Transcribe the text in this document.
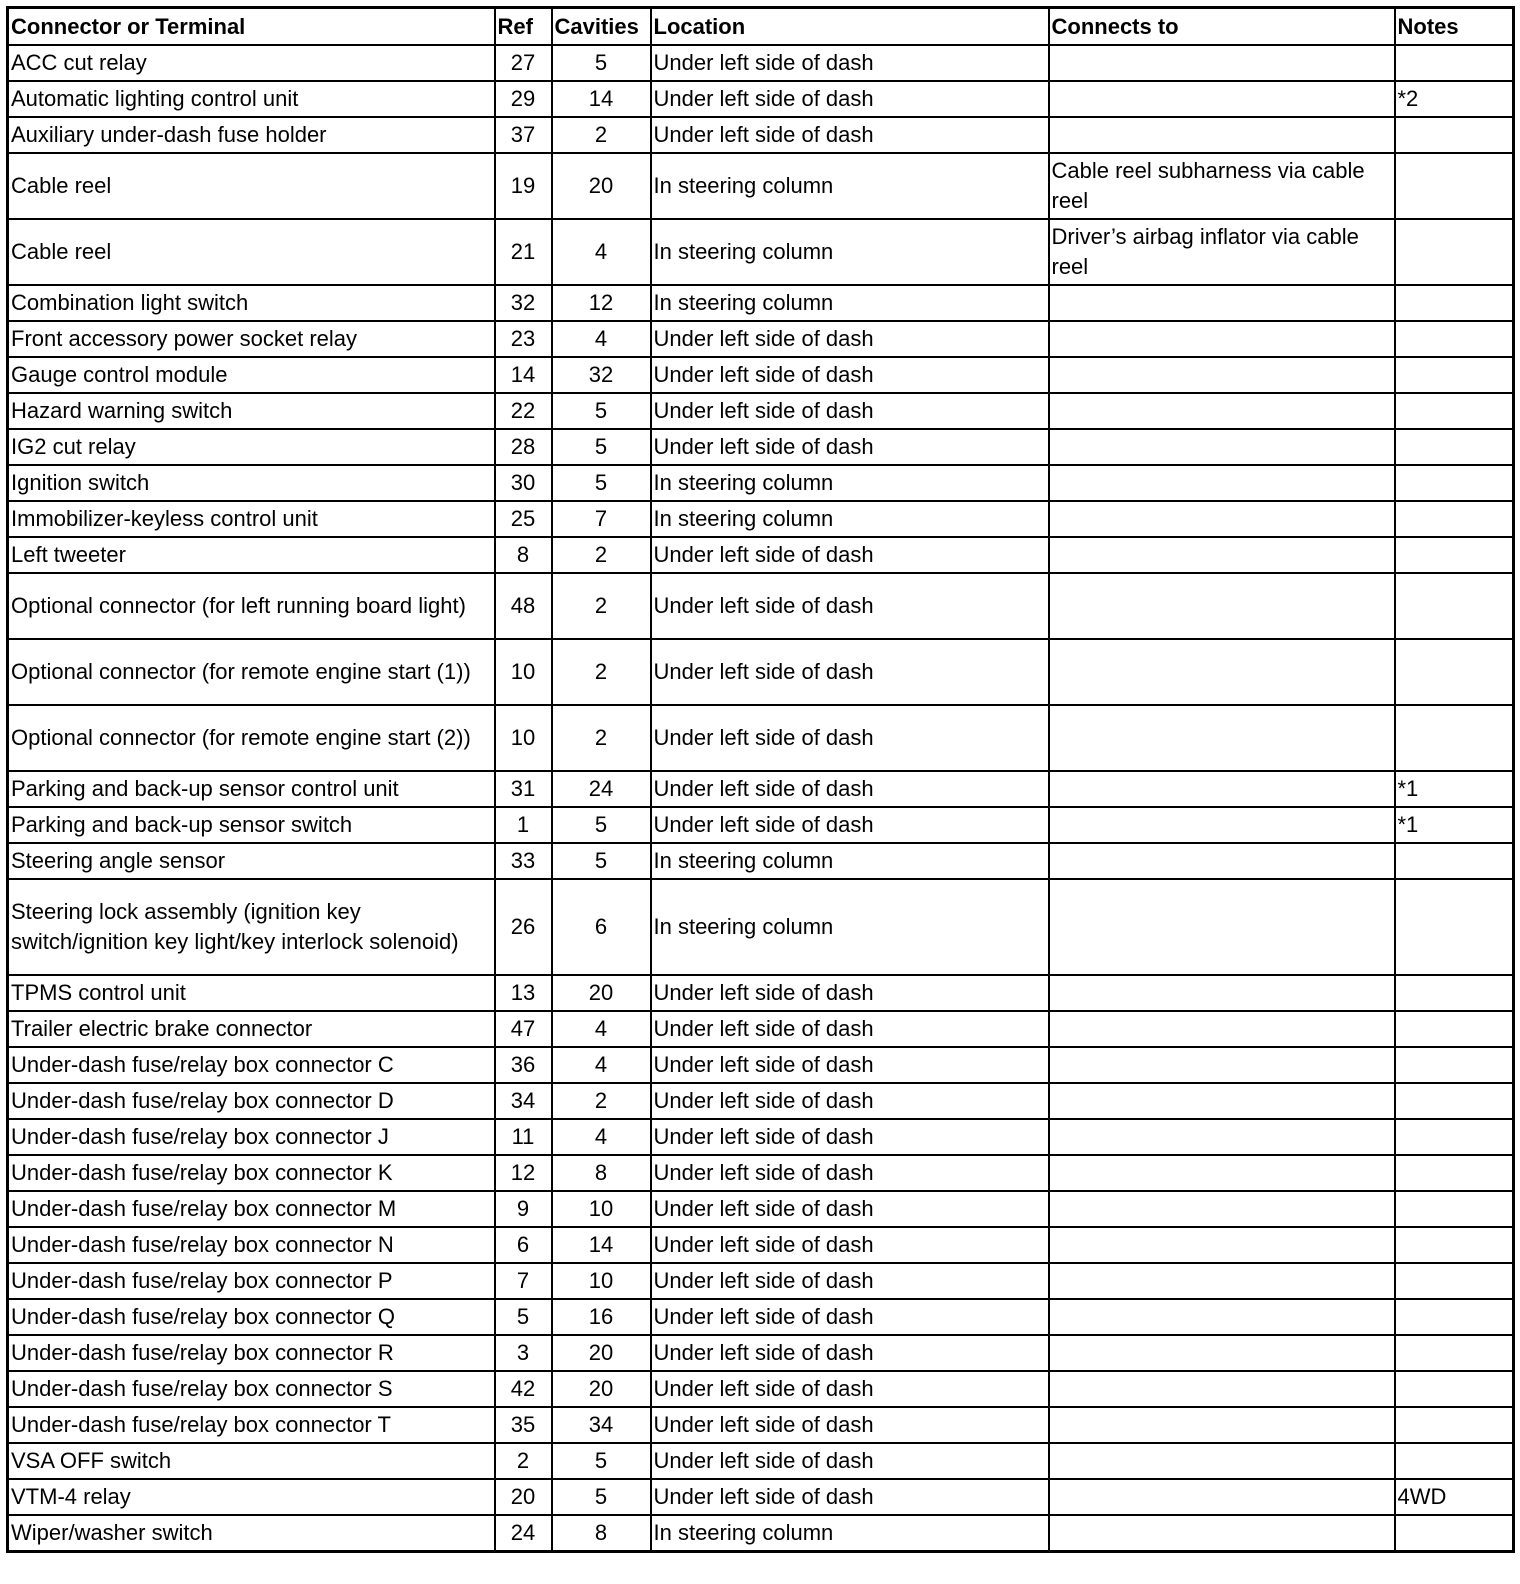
Connector or Terminal	Ref	Cavities	Location	Connects to	Notes
ACC cut relay	27	5	Under left side of dash		
Automatic lighting control unit	29	14	Under left side of dash		*2
Auxiliary under-dash fuse holder	37	2	Under left side of dash		
Cable reel	19	20	In steering column	Cable reel subharness via cable reel	
Cable reel	21	4	In steering column	Driver’s airbag inflator via cable reel	
Combination light switch	32	12	In steering column		
Front accessory power socket relay	23	4	Under left side of dash		
Gauge control module	14	32	Under left side of dash		
Hazard warning switch	22	5	Under left side of dash		
IG2 cut relay	28	5	Under left side of dash		
Ignition switch	30	5	In steering column		
Immobilizer-keyless control unit	25	7	In steering column		
Left tweeter	8	2	Under left side of dash		
Optional connector (for left running board light)	48	2	Under left side of dash		
Optional connector (for remote engine start (1))	10	2	Under left side of dash		
Optional connector (for remote engine start (2))	10	2	Under left side of dash		
Parking and back-up sensor control unit	31	24	Under left side of dash		*1
Parking and back-up sensor switch	1	5	Under left side of dash		*1
Steering angle sensor	33	5	In steering column		
Steering lock assembly (ignition key switch/ignition key light/key interlock solenoid)	26	6	In steering column		
TPMS control unit	13	20	Under left side of dash		
Trailer electric brake connector	47	4	Under left side of dash		
Under-dash fuse/relay box connector C	36	4	Under left side of dash		
Under-dash fuse/relay box connector D	34	2	Under left side of dash		
Under-dash fuse/relay box connector J	11	4	Under left side of dash		
Under-dash fuse/relay box connector K	12	8	Under left side of dash		
Under-dash fuse/relay box connector M	9	10	Under left side of dash		
Under-dash fuse/relay box connector N	6	14	Under left side of dash		
Under-dash fuse/relay box connector P	7	10	Under left side of dash		
Under-dash fuse/relay box connector Q	5	16	Under left side of dash		
Under-dash fuse/relay box connector R	3	20	Under left side of dash		
Under-dash fuse/relay box connector S	42	20	Under left side of dash		
Under-dash fuse/relay box connector T	35	34	Under left side of dash		
VSA OFF switch	2	5	Under left side of dash		
VTM-4 relay	20	5	Under left side of dash		4WD
Wiper/washer switch	24	8	In steering column		
